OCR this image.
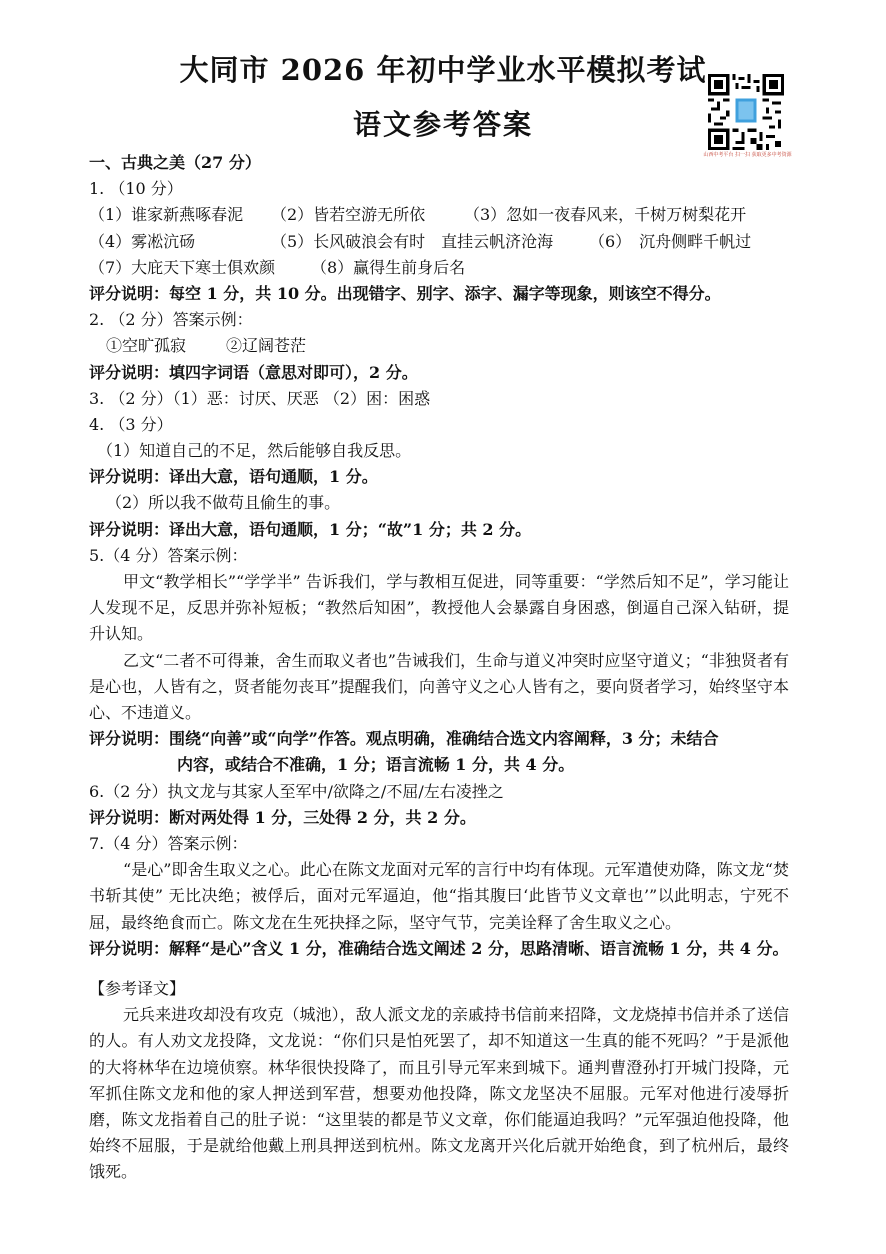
大同市 2026 年初中学业水平模拟考试
语文参考答案
山西中考平台 扫一扫 获取更多中考资源
一、古典之美（27 分）
1. （10 分）
（1）谁家新燕啄春泥 （2）皆若空游无所依 （3）忽如一夜春风来，千树万树梨花开
（4）雾凇沆砀	（5）长风破浪会有时　直挂云帆济沧海 （6）　沉舟侧畔千帆过
（7）大庇天下寒士俱欢颜 （8）赢得生前身后名
评分说明：每空 1 分，共 10 分。出现错字、别字、添字、漏字等现象，则该空不得分。
2. （2 分）答案示例：
①空旷孤寂 ②辽阔苍茫
评分说明：填四字词语（意思对即可），2 分。
3. （2 分）（1）恶：讨厌、厌恶 （2）困：困惑
4. （3 分）
（1）知道自己的不足，然后能够自我反思。
评分说明：译出大意，语句通顺，1 分。
（2）所以我不做苟且偷生的事。
评分说明：译出大意，语句通顺，1 分；“故”1 分；共 2 分。
5.（4 分）答案示例：
甲文“教学相长”“学学半” 告诉我们，学与教相互促进，同等重要：“学然后知不足”，学习能让人发现不足，反思并弥补短板；“教然后知困”，教授他人会暴露自身困惑，倒逼自己深入钻研，提升认知。
乙文“二者不可得兼，舍生而取义者也”告诫我们，生命与道义冲突时应坚守道义；“非独贤者有是心也，人皆有之，贤者能勿丧耳”提醒我们，向善守义之心人皆有之，要向贤者学习，始终坚守本心、不违道义。
评分说明：围绕“向善”或“向学”作答。观点明确，准确结合选文内容阐释，3 分；未结合
内容，或结合不准确，1 分；语言流畅 1 分，共 4 分。
6.（2 分）执文龙与其家人至军中/欲降之/不屈/左右凌挫之
评分说明：断对两处得 1 分，三处得 2 分，共 2 分。
7.（4 分）答案示例：
“是心”即舍生取义之心。此心在陈文龙面对元军的言行中均有体现。元军遣使劝降，陈文龙“焚书斩其使” 无比决绝；被俘后，面对元军逼迫，他“指其腹曰‘此皆节义文章也’”以此明志，宁死不屈，最终绝食而亡。陈文龙在生死抉择之际，坚守气节，完美诠释了舍生取义之心。
评分说明：解释“是心”含义 1 分，准确结合选文阐述 2 分，思路清晰、语言流畅 1 分，共 4 分。
【参考译文】
元兵来进攻却没有攻克（城池），敌人派文龙的亲戚持书信前来招降，文龙烧掉书信并杀了送信的人。有人劝文龙投降，文龙说：“你们只是怕死罢了，却不知道这一生真的能不死吗？”于是派他的大将林华在边境侦察。林华很快投降了，而且引导元军来到城下。通判曹澄孙打开城门投降，元军抓住陈文龙和他的家人押送到军营，想要劝他投降，陈文龙坚决不屈服。元军对他进行凌辱折磨，陈文龙指着自己的肚子说：“这里装的都是节义文章，你们能逼迫我吗？”元军强迫他投降，他始终不屈服，于是就给他戴上刑具押送到杭州。陈文龙离开兴化后就开始绝食，到了杭州后，最终饿死。
